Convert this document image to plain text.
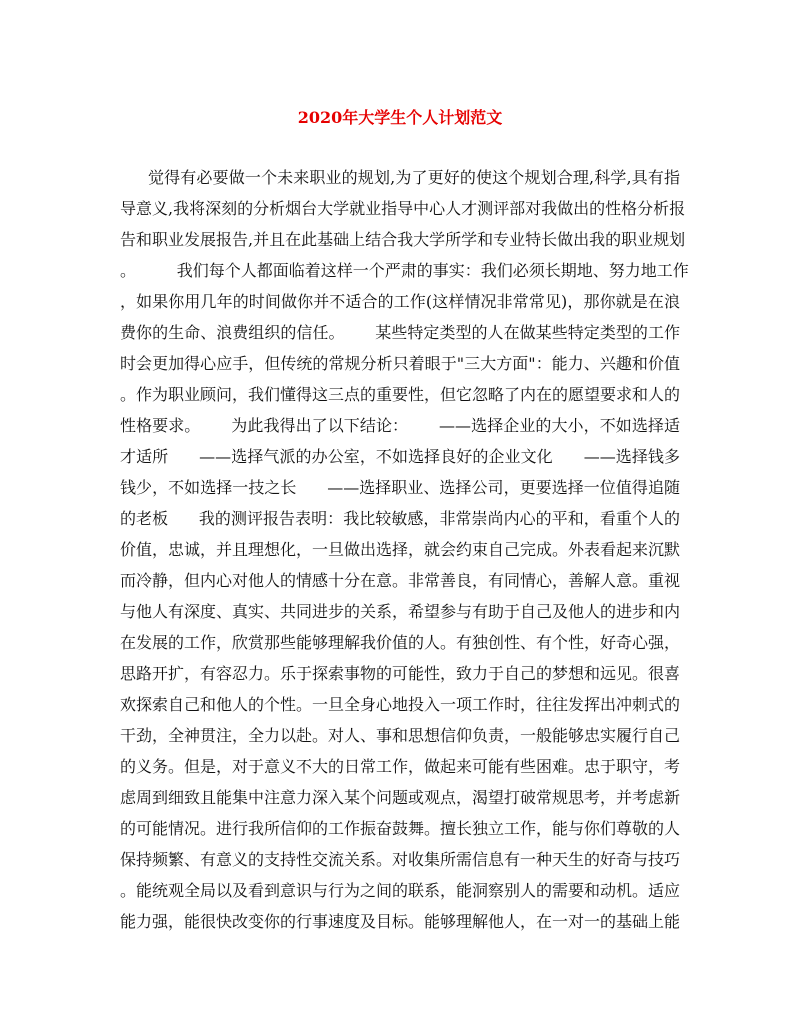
2020年大学生个人计划范文
觉得有必要做一个未来职业的规划,为了更好的使这个规划合理,科学,具有指
导意义,我将深刻的分析烟台大学就业指导中心人才测评部对我做出的性格分析报
告和职业发展报告,并且在此基础上结合我大学所学和专业特长做出我的职业规划
。        我们每个人都面临着这样一个严肃的事实：我们必须长期地、努力地工作
，如果你用几年的时间做你并不适合的工作(这样情况非常常见)，那你就是在浪
费你的生命、浪费组织的信任。      某些特定类型的人在做某些特定类型的工作
时会更加得心应手，但传统的常规分析只着眼于"三大方面"：能力、兴趣和价值
。作为职业顾问，我们懂得这三点的重要性，但它忽略了内在的愿望要求和人的
性格要求。      为此我得出了以下结论：      ——选择企业的大小，不如选择适
才适所      ——选择气派的办公室，不如选择良好的企业文化      ——选择钱多
钱少，不如选择一技之长      ——选择职业、选择公司，更要选择一位值得追随
的老板      我的测评报告表明：我比较敏感，非常崇尚内心的平和，看重个人的
价值，忠诚，并且理想化，一旦做出选择，就会约束自己完成。外表看起来沉默
而冷静，但内心对他人的情感十分在意。非常善良，有同情心，善解人意。重视
与他人有深度、真实、共同进步的关系，希望参与有助于自己及他人的进步和内
在发展的工作，欣赏那些能够理解我价值的人。有独创性、有个性，好奇心强，
思路开扩，有容忍力。乐于探索事物的可能性，致力于自己的梦想和远见。很喜
欢探索自己和他人的个性。一旦全身心地投入一项工作时，往往发挥出冲刺式的
干劲，全神贯注，全力以赴。对人、事和思想信仰负责，一般能够忠实履行自己
的义务。但是，对于意义不大的日常工作，做起来可能有些困难。忠于职守，考
虑周到细致且能集中注意力深入某个问题或观点，渴望打破常规思考，并考虑新
的可能情况。进行我所信仰的工作振奋鼓舞。擅长独立工作，能与你们尊敬的人
保持频繁、有意义的支持性交流关系。对收集所需信息有一种天生的好奇与技巧
。能统观全局以及看到意识与行为之间的联系，能洞察别人的需要和动机。适应
能力强，能很快改变你的行事速度及目标。能够理解他人，在一对一的基础上能
